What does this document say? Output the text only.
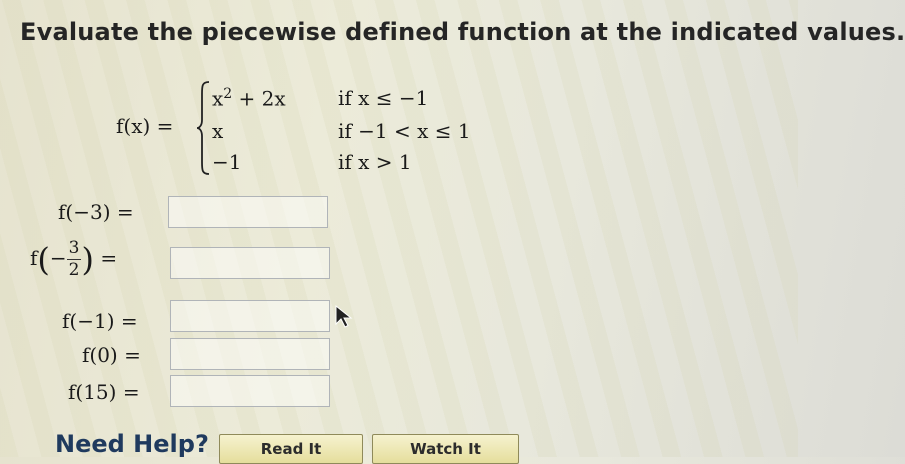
Evaluate the piecewise defined function at the indicated values.
f(x) =
$x^2 + 2x$	if x ≤ −1
x	if −1 < x ≤ 1
−1	if x > 1
f(−3) =
$f(- \frac{3}{2}$ ) =
f(−1) =
f(0) =
f(15) =
Need Help?	Read It	Watch It
